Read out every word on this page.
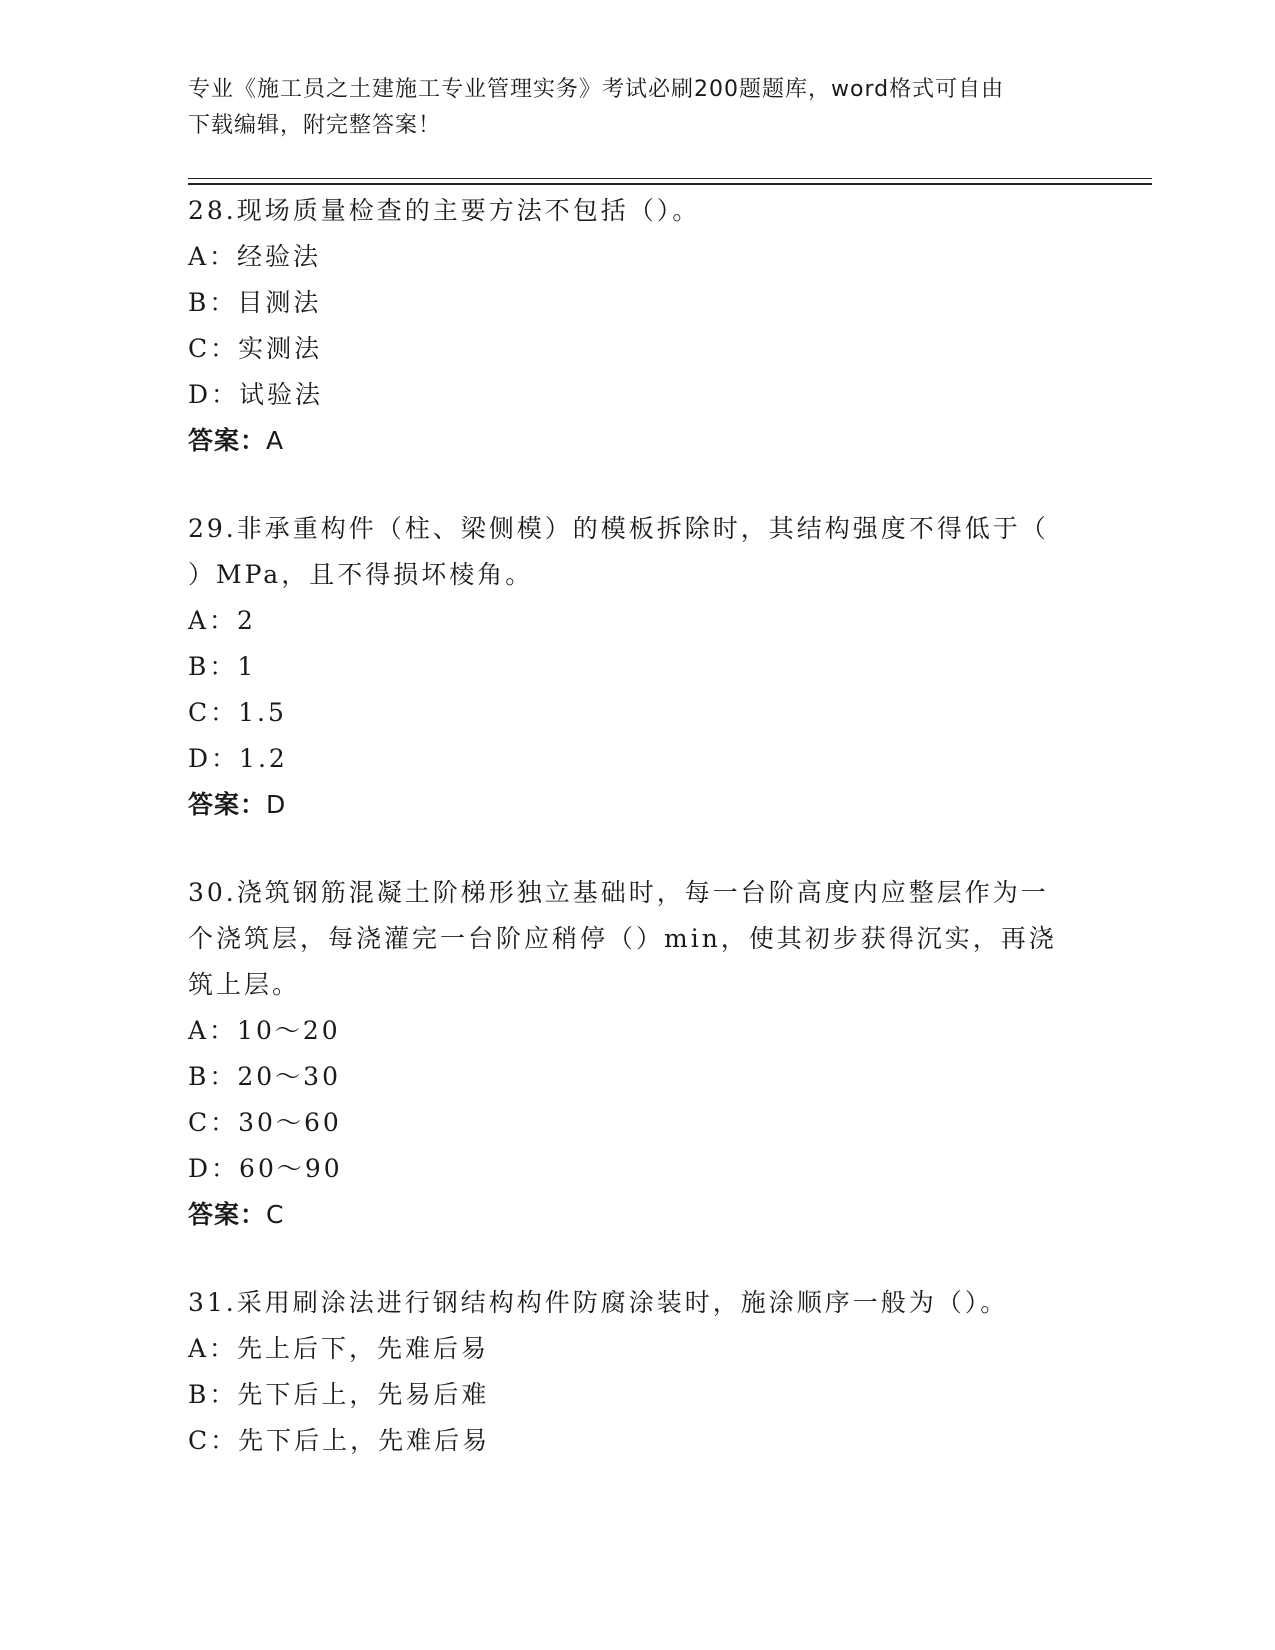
专业《施工员之土建施工专业管理实务》考试必刷200题题库，word格式可自由
下载编辑，附完整答案！
28.现场质量检查的主要方法不包括（）。
A：经验法
B：目测法
C：实测法
D：试验法
答案：A
29.非承重构件（柱、梁侧模）的模板拆除时，其结构强度不得低于（
）MPa，且不得损坏棱角。
A：2
B：1
C：1.5
D：1.2
答案：D
30.浇筑钢筋混凝土阶梯形独立基础时，每一台阶高度内应整层作为一
个浇筑层，每浇灌完一台阶应稍停（）min，使其初步获得沉实，再浇
筑上层。
A：10～20
B：20～30
C：30～60
D：60～90
答案：C
31.采用刷涂法进行钢结构构件防腐涂装时，施涂顺序一般为（）。
A：先上后下，先难后易
B：先下后上，先易后难
C：先下后上，先难后易
